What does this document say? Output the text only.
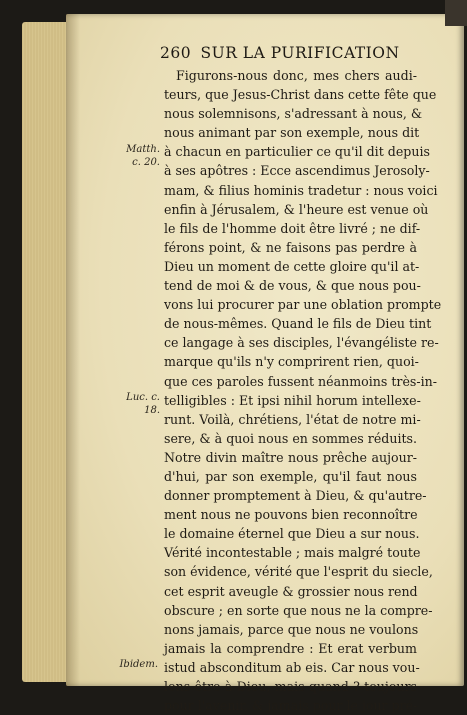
260 SUR LA PURIFICATION
Matth.
c. 20.
Luc. c. 18.
Ibidem.
Figurons-nous donc, mes chers audi-
teurs, que Jesus-Christ dans cette fête que
nous solemnisons, s'adressant à nous, &
nous animant par son exemple, nous dit
à chacun en particulier ce qu'il dit depuis
à ses apôtres : Ecce ascendimus Jerosoly-
mam, & filius hominis tradetur : nous voici
enfin à Jérusalem, & l'heure est venue où
le fils de l'homme doit être livré ; ne dif-
férons point, & ne faisons pas perdre à
Dieu un moment de cette gloire qu'il at-
tend de moi & de vous, & que nous pou-
vons lui procurer par une oblation prompte
de nous-mêmes. Quand le fils de Dieu tint
ce langage à ses disciples, l'évangéliste re-
marque qu'ils n'y comprirent rien, quoi-
que ces paroles fussent néanmoins très-in-
telligibles : Et ipsi nihil horum intellexe-
runt. Voilà, chrétiens, l'état de notre mi-
sere, & à quoi nous en sommes réduits.
Notre divin maître nous prêche aujour-
d'hui, par son exemple, qu'il faut nous
donner promptement à Dieu, & qu'autre-
ment nous ne pouvons bien reconnoître
le domaine éternel que Dieu a sur nous.
Vérité incontestable ; mais malgré toute
son évidence, vérité que l'esprit du siecle,
cet esprit aveugle & grossier nous rend
obscure ; en sorte que nous ne la compre-
nons jamais, parce que nous ne voulons
jamais la comprendre : Et erat verbum
istud absconditum ab eis. Car nous vou-
lons être à Dieu, mais quand ? toujours
pour l'avenir, & jamais pour le jour pré-
